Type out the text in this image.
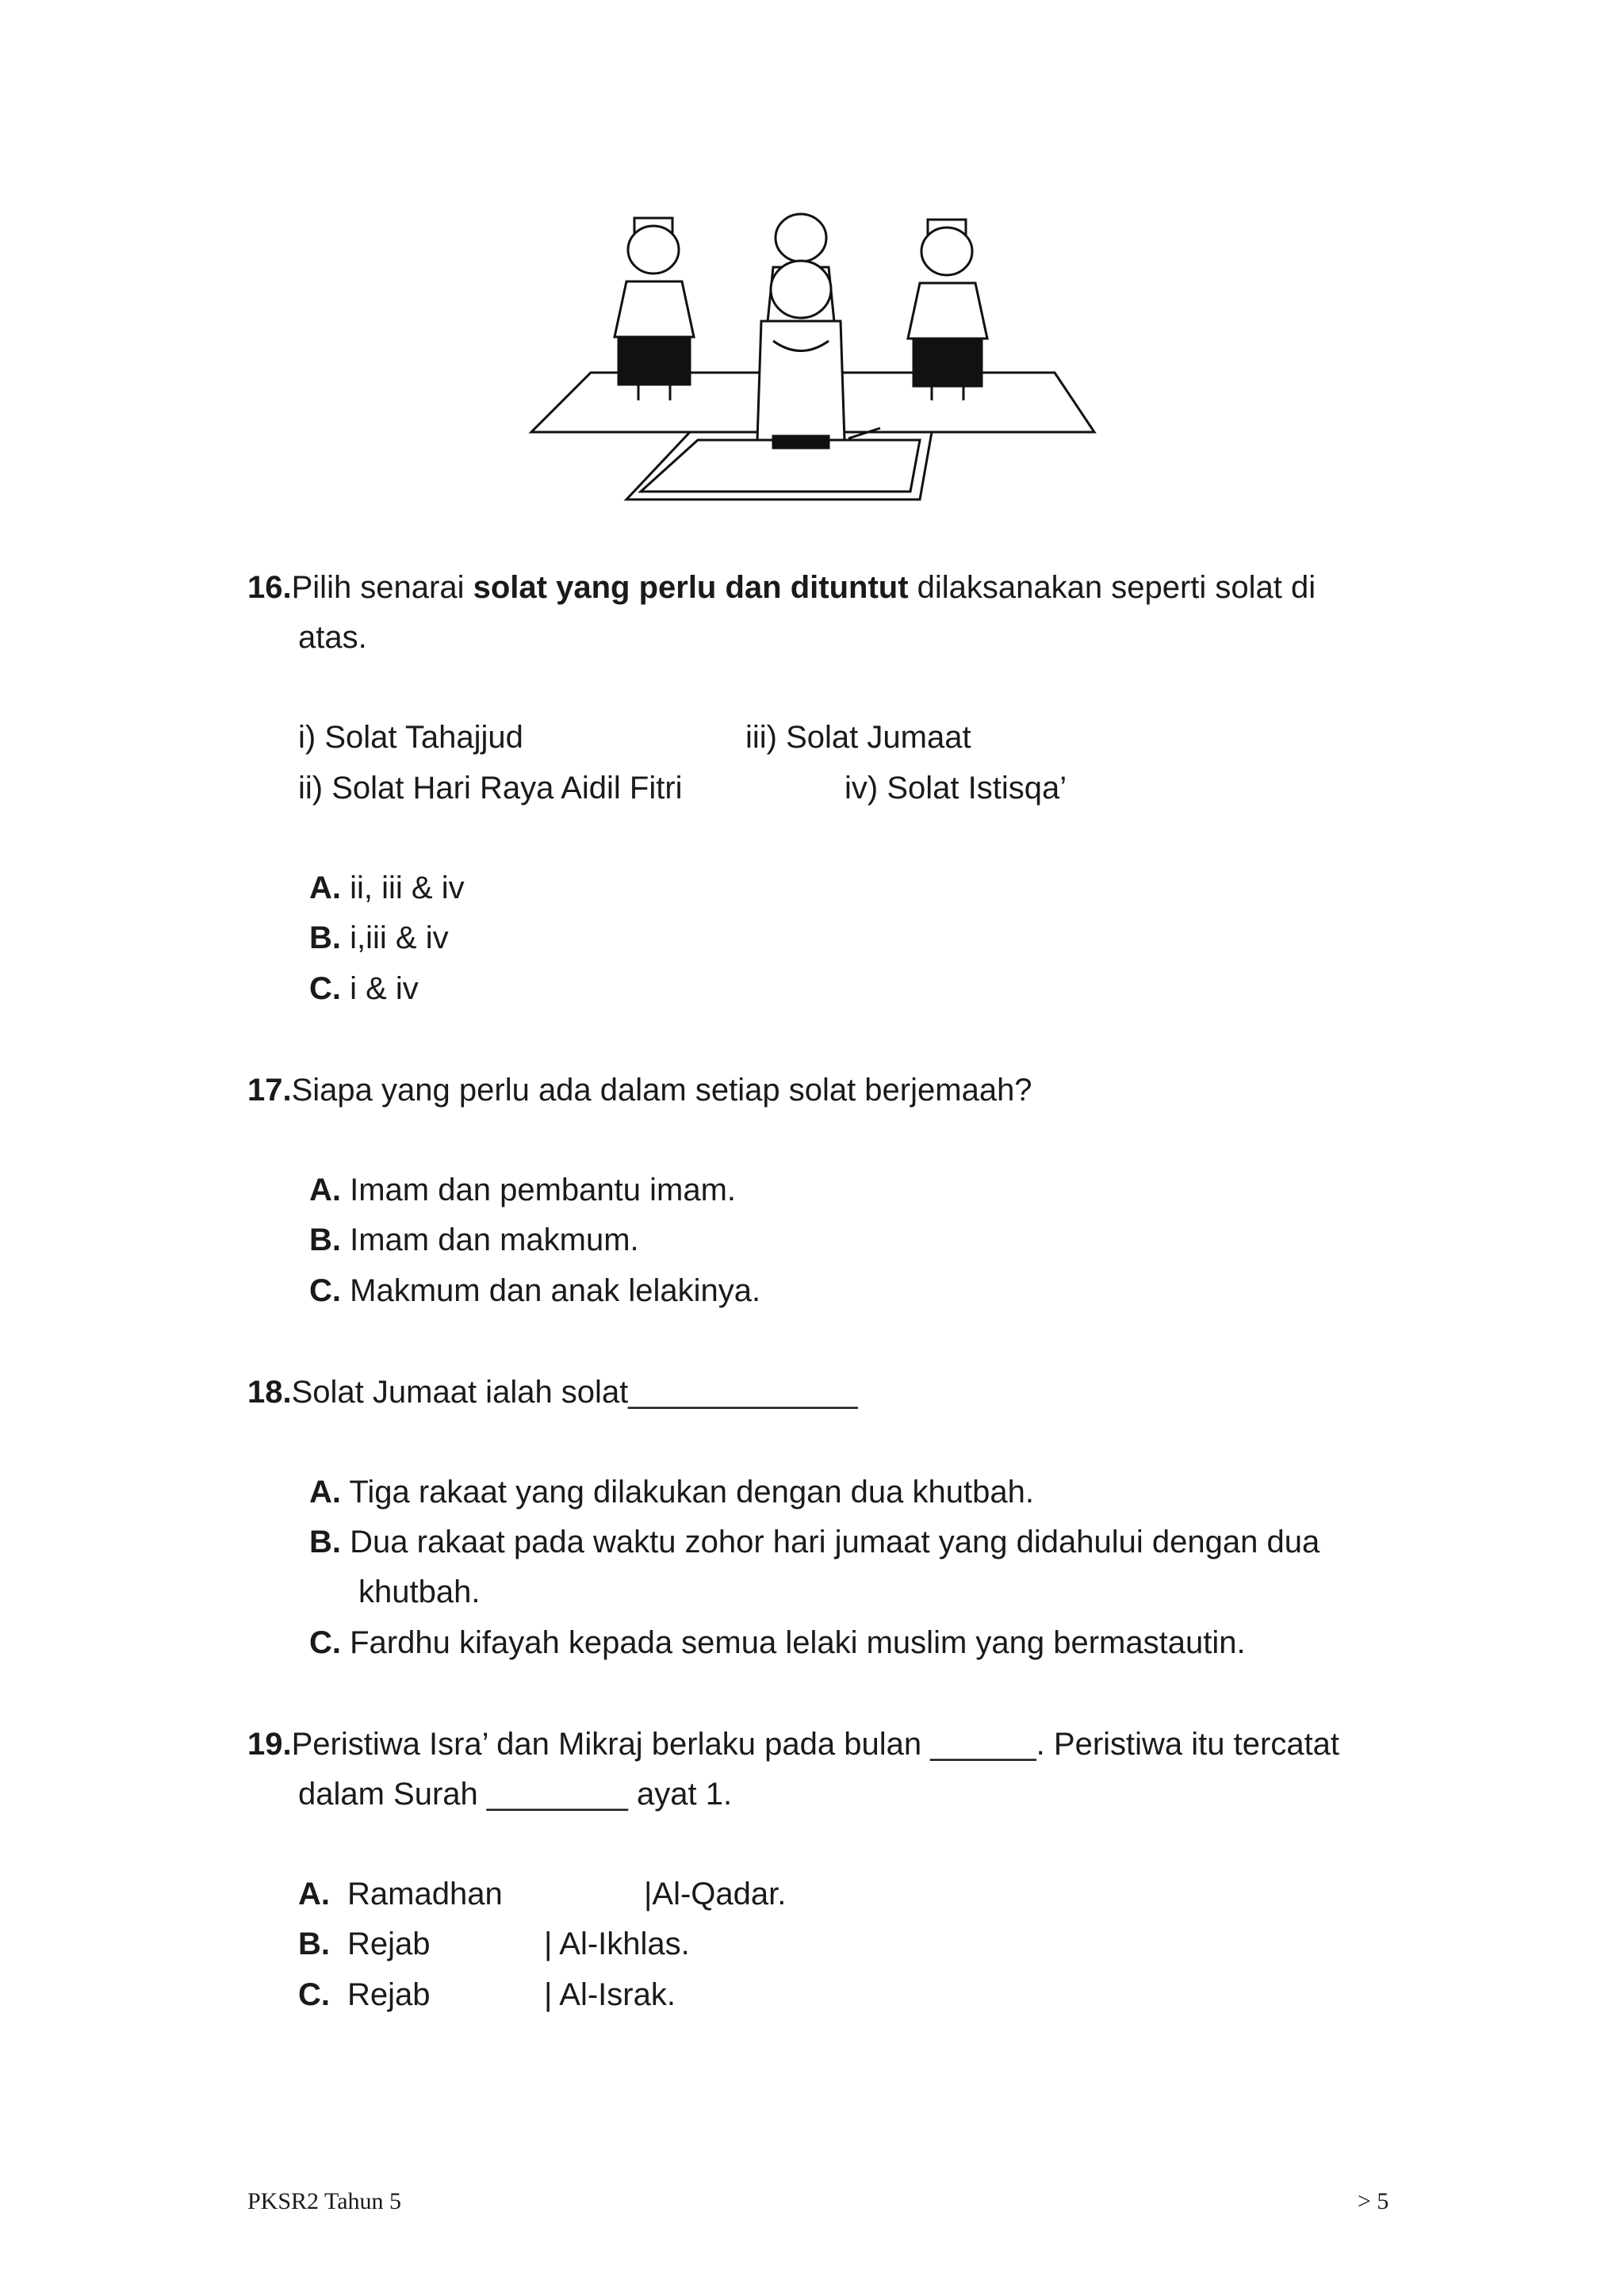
16.Pilih senarai solat yang perlu dan dituntut dilaksanakan seperti solat di
atas.
i) Solat Tahajjud	iii) Solat Jumaat
ii) Solat Hari Raya Aidil Fitri	iv) Solat Istisqa’
A. ii, iii & iv
B. i,iii & iv
C. i & iv
17.Siapa yang perlu ada dalam setiap solat berjemaah?
A. Imam dan pembantu imam.
B. Imam dan makmum.
C. Makmum dan anak lelakinya.
18.Solat Jumaat ialah solat_____________
A. Tiga rakaat yang dilakukan dengan dua khutbah.
B. Dua rakaat pada waktu zohor hari jumaat yang didahului dengan dua
khutbah.
C. Fardhu kifayah kepada semua lelaki muslim yang bermastautin.
19.Peristiwa Isra’ dan Mikraj berlaku pada bulan ______. Peristiwa itu tercatat
dalam Surah ________ ayat 1.
A. Ramadhan	|Al-Qadar.
B. Rejab	| Al-Ikhlas.
C. Rejab	| Al-Israk.
PKSR2 Tahun 5	> 5
